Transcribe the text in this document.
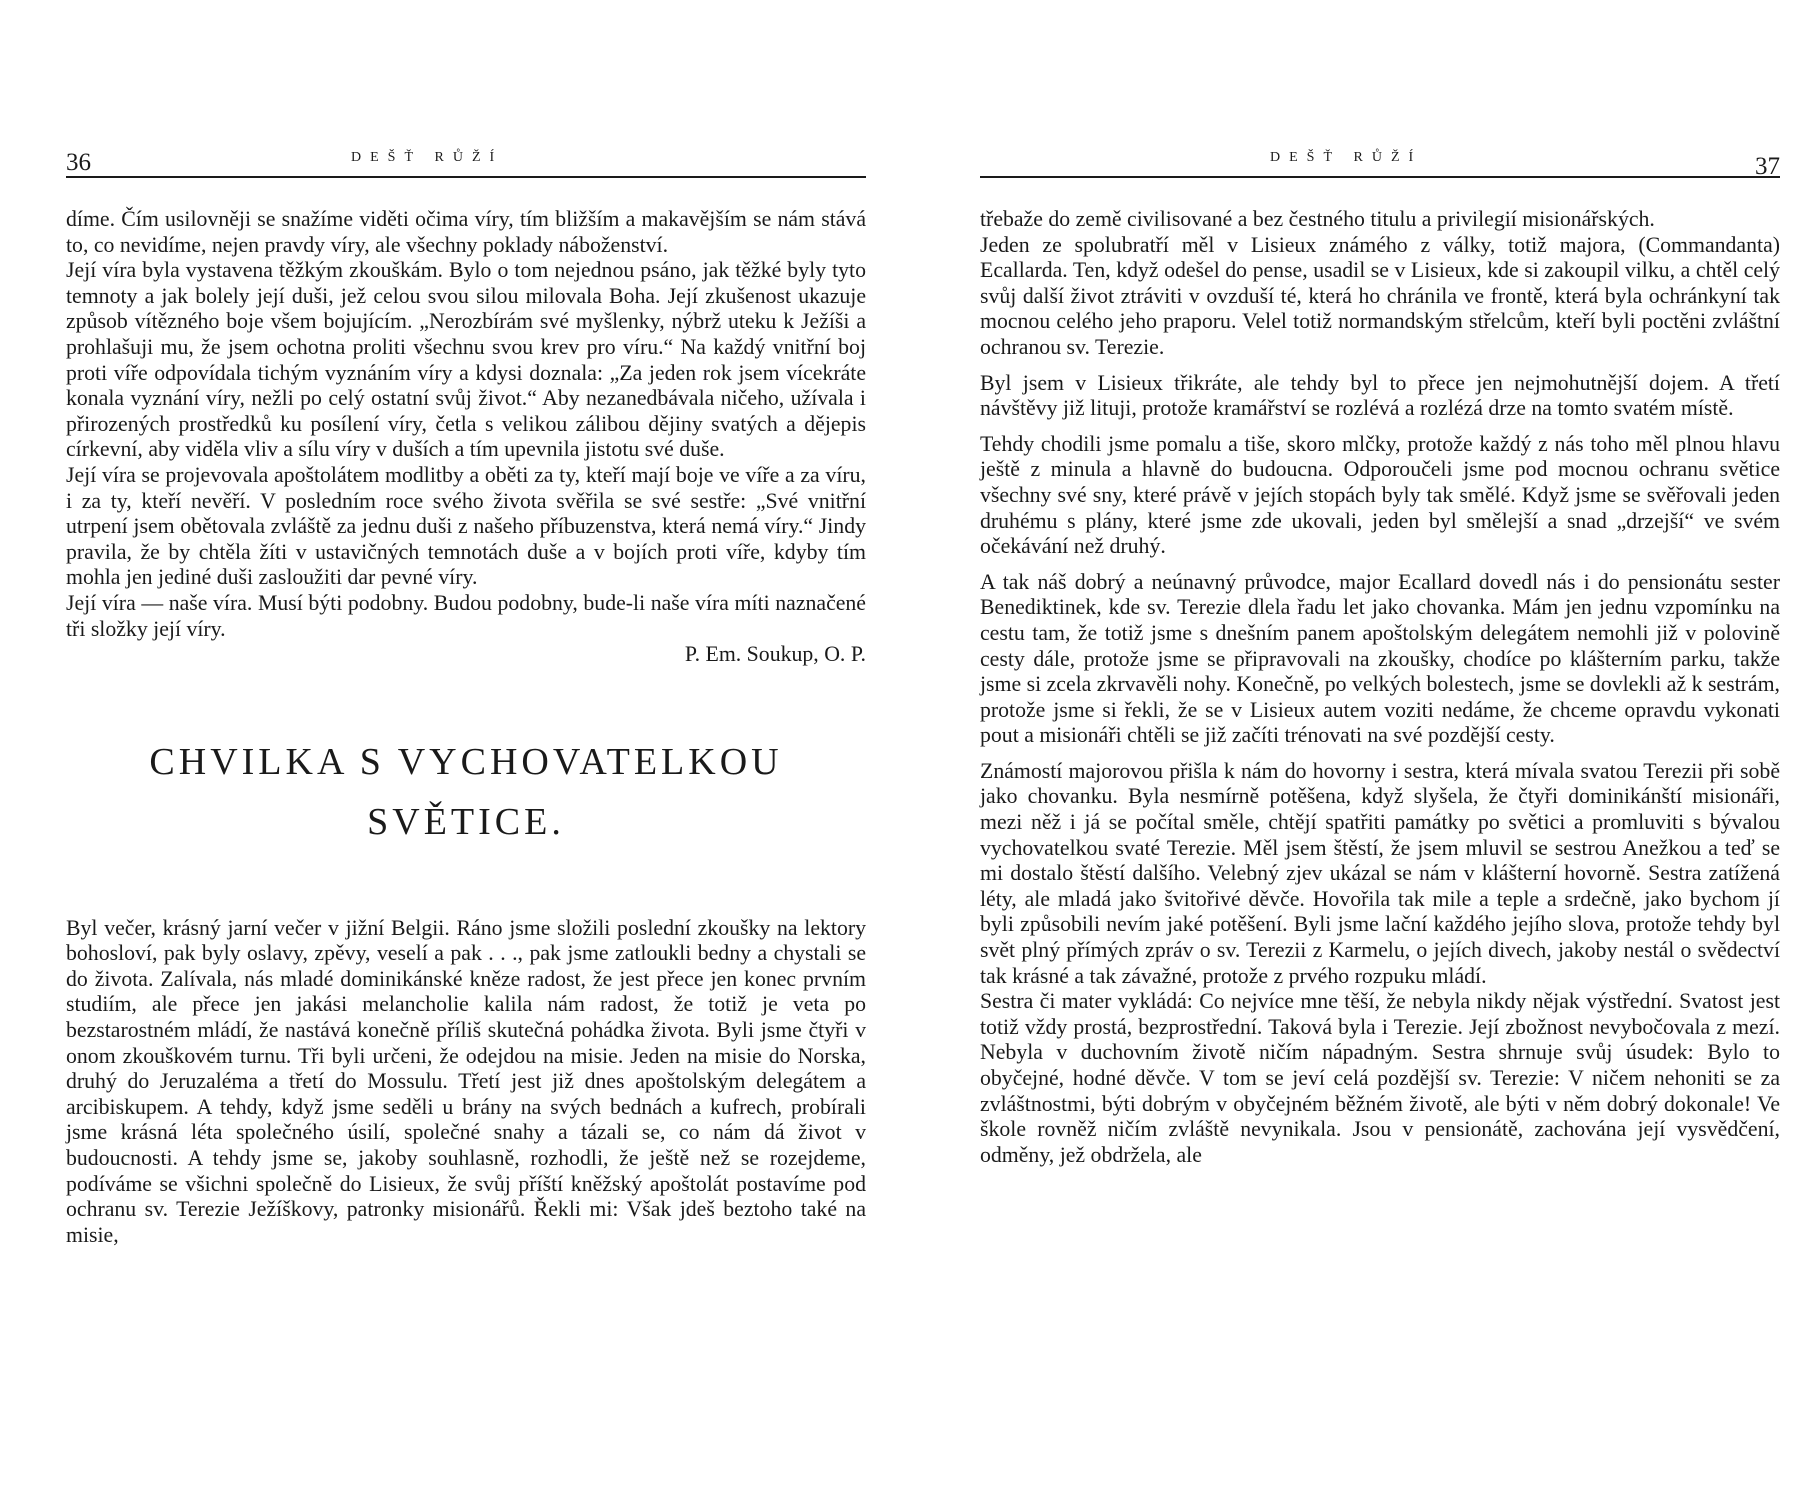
36	DEŠŤ RŮŽÍ

díme. Čím usilovněji se snažíme viděti očima víry, tím bližším a makavějším se nám stává to, co nevidíme, nejen pravdy víry, ale všechny poklady náboženství.

Její víra byla vystavena těžkým zkouškám. Bylo o tom nejednou psáno, jak těžké byly tyto temnoty a jak bolely její duši, jež celou svou silou milovala Boha. Její zkušenost ukazuje způsob vítězného boje všem bojujícím. „Nerozbírám své myšlenky, nýbrž uteku k Ježíši a prohlašuji mu, že jsem ochotna proliti všechnu svou krev pro víru.“ Na každý vnitřní boj proti víře odpovídala tichým vyznáním víry a kdysi doznala: „Za jeden rok jsem vícekráte konala vyznání víry, nežli po celý ostatní svůj život.“ Aby nezanedbávala ničeho, užívala i přirozených prostředků ku posílení víry, četla s velikou zálibou dějiny svatých a dějepis církevní, aby viděla vliv a sílu víry v duších a tím upevnila jistotu své duše.

Její víra se projevovala apoštolátem modlitby a oběti za ty, kteří mají boje ve víře a za víru, i za ty, kteří nevěří. V posledním roce svého života svěřila se své sestře: „Své vnitřní utrpení jsem obětovala zvláště za jednu duši z našeho příbuzenstva, která nemá víry.“ Jindy pravila, že by chtěla žíti v ustavičných temnotách duše a v bojích proti víře, kdyby tím mohla jen jediné duši zasloužiti dar pevné víry.

Její víra — naše víra. Musí býti podobny. Budou podobny, bude-li naše víra míti naznačené tři složky její víry.

P. Em. Soukup, O. P.

CHVILKA S VYCHOVATELKOU
SVĚTICE.

Byl večer, krásný jarní večer v jižní Belgii. Ráno jsme složili poslední zkoušky na lektory bohosloví, pak byly oslavy, zpěvy, veselí a pak . . ., pak jsme zatloukli bedny a chystali se do života. Zalívala, nás mladé dominikánské kněze radost, že jest přece jen konec prvním studiím, ale přece jen jakási melancholie kalila nám radost, že totiž je veta po bezstarostném mládí, že nastává konečně příliš skutečná pohádka života. Byli jsme čtyři v onom zkouškovém turnu. Tři byli určeni, že odejdou na misie. Jeden na misie do Norska, druhý do Jeruzaléma a třetí do Mossulu. Třetí jest již dnes apoštolským delegátem a arcibiskupem. A tehdy, když jsme seděli u brány na svých bednách a kufrech, probírali jsme krásná léta společného úsilí, společné snahy a tázali se, co nám dá život v budoucnosti. A tehdy jsme se, jakoby souhlasně, rozhodli, že ještě než se rozejdeme, podíváme se všichni společně do Lisieux, že svůj příští kněžský apoštolát postavíme pod ochranu sv. Terezie Ježíškovy, patronky misionářů. Řekli mi: Však jdeš beztoho také na misie,

DEŠŤ RŮŽÍ	37

třebaže do země civilisované a bez čestného titulu a privilegií misionářských.

Jeden ze spolubratří měl v Lisieux známého z války, totiž majora, (Commandanta) Ecallarda. Ten, když odešel do pense, usadil se v Lisieux, kde si zakoupil vilku, a chtěl celý svůj další život ztráviti v ovzduší té, která ho chránila ve frontě, která byla ochránkyní tak mocnou celého jeho praporu. Velel totiž normandským střelcům, kteří byli poctěni zvláštní ochranou sv. Terezie.

Byl jsem v Lisieux třikráte, ale tehdy byl to přece jen nejmohutnější dojem. A třetí návštěvy již lituji, protože kramářství se rozlévá a rozlézá drze na tomto svatém místě.

Tehdy chodili jsme pomalu a tiše, skoro mlčky, protože každý z nás toho měl plnou hlavu ještě z minula a hlavně do budoucna. Odporoučeli jsme pod mocnou ochranu světice všechny své sny, které právě v jejích stopách byly tak smělé. Když jsme se svěřovali jeden druhému s plány, které jsme zde ukovali, jeden byl smělejší a snad „drzejší“ ve svém očekávání než druhý.

A tak náš dobrý a neúnavný průvodce, major Ecallard dovedl nás i do pensionátu sester Benediktinek, kde sv. Terezie dlela řadu let jako chovanka. Mám jen jednu vzpomínku na cestu tam, že totiž jsme s dnešním panem apoštolským delegátem nemohli již v polovině cesty dále, protože jsme se připravovali na zkoušky, chodíce po klášterním parku, takže jsme si zcela zkrvavěli nohy. Konečně, po velkých bolestech, jsme se dovlekli až k sestrám, protože jsme si řekli, že se v Lisieux autem voziti nedáme, že chceme opravdu vykonati pout a misionáři chtěli se již začíti trénovati na své pozdější cesty.

Známostí majorovou přišla k nám do hovorny i sestra, která mívala svatou Terezii při sobě jako chovanku. Byla nesmírně potěšena, když slyšela, že čtyři dominikánští misionáři, mezi něž i já se počítal směle, chtějí spatřiti památky po světici a promluviti s bývalou vychovatelkou svaté Terezie. Měl jsem štěstí, že jsem mluvil se sestrou Anežkou a teď se mi dostalo štěstí dalšího. Velebný zjev ukázal se nám v klášterní hovorně. Sestra zatížená léty, ale mladá jako švitořivé děvče. Hovořila tak mile a teple a srdečně, jako bychom jí byli způsobili nevím jaké potěšení. Byli jsme lační každého jejího slova, protože tehdy byl svět plný přímých zpráv o sv. Terezii z Karmelu, o jejích divech, jakoby nestál o svědectví tak krásné a tak závažné, protože z prvého rozpuku mládí.

Sestra či mater vykládá: Co nejvíce mne těší, že nebyla nikdy nějak výstřední. Svatost jest totiž vždy prostá, bezprostřední. Taková byla i Terezie. Její zbožnost nevybočovala z mezí. Nebyla v duchovním životě ničím nápadným. Sestra shrnuje svůj úsudek: Bylo to obyčejné, hodné děvče. V tom se jeví celá pozdější sv. Terezie: V ničem nehoniti se za zvláštnostmi, býti dobrým v obyčejném běžném životě, ale býti v něm dobrý dokonale! Ve škole rovněž ničím zvláště nevynikala. Jsou v pensionátě, zachována její vysvědčení, odměny, jež obdržela, ale
